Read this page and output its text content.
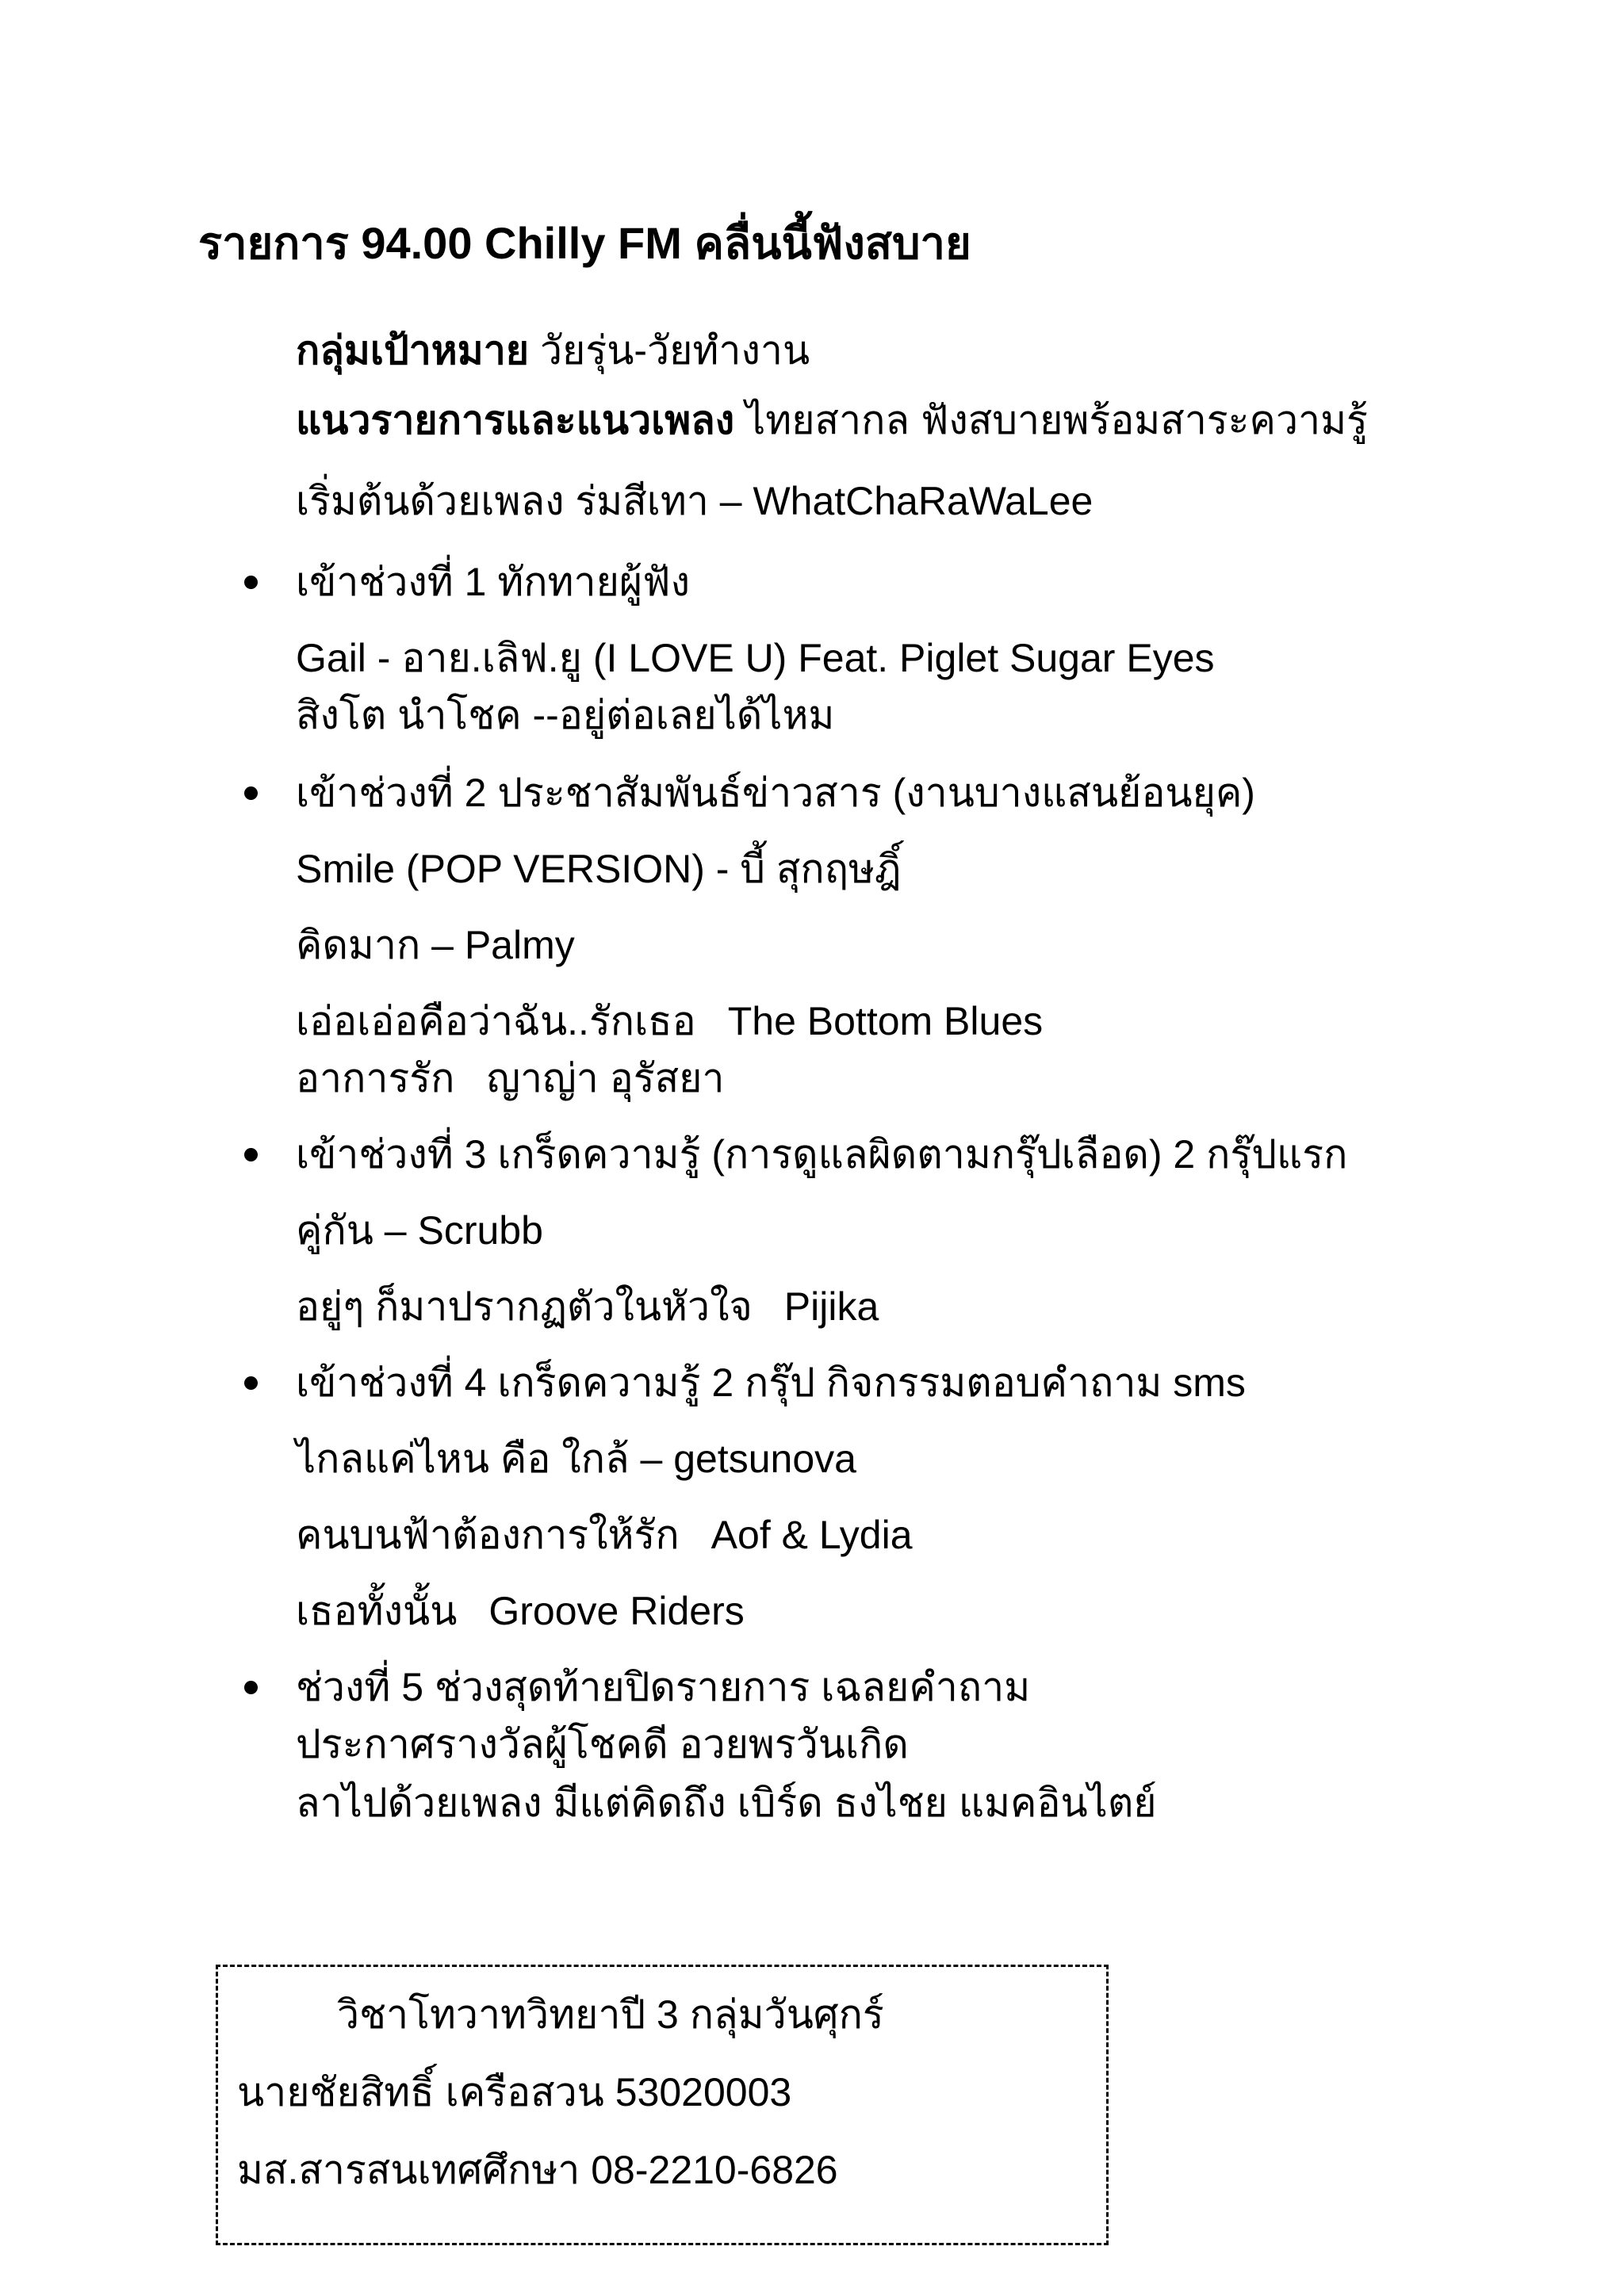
รายการ 94.00 Chilly FM คลื่นนี้ฟังสบาย
กลุ่มเป้าหมาย วัยรุ่น-วัยทำงาน
แนวรายการและแนวเพลง ไทยสากล ฟังสบายพร้อมสาระความรู้
เริ่มต้นด้วยเพลง ร่มสีเทา – WhatChaRaWaLee
เข้าช่วงที่ 1 ทักทายผู้ฟัง
Gail - อาย.เลิฟ.ยู (I LOVE U) Feat. Piglet Sugar Eyes
สิงโต นำโชค --อยู่ต่อเลยได้ไหม
เข้าช่วงที่ 2 ประชาสัมพันธ์ข่าวสาร (งานบางแสนย้อนยุค)
Smile (POP VERSION) - บี้ สุกฤษฎิ์
คิดมาก – Palmy
เอ่อเอ่อคือว่าฉัน..รักเธอ The Bottom Blues
อาการรัก ญาญ่า อุรัสยา
เข้าช่วงที่ 3 เกร็ดความรู้ (การดูแลผิดตามกรุ๊ปเลือด) 2 กรุ๊ปแรก
คู่กัน – Scrubb
อยู่ๆ ก็มาปรากฏตัวในหัวใจ Pijika
เข้าช่วงที่ 4 เกร็ดความรู้ 2 กรุ๊ป กิจกรรมตอบคำถาม sms
ไกลแค่ไหน คือ ใกล้ – getsunova
คนบนฟ้าต้องการให้รัก Aof & Lydia
เธอทั้งนั้น Groove Riders
ช่วงที่ 5 ช่วงสุดท้ายปิดรายการ เฉลยคำถาม
ประกาศรางวัลผู้โชคดี อวยพรวันเกิด
ลาไปด้วยเพลง มีแต่คิดถึง เบิร์ด ธงไชย แมคอินไตย์
วิชาโทวาทวิทยาปี 3 กลุ่มวันศุกร์
นายชัยสิทธิ์ เครือสวน 53020003
มส.สารสนเทศศึกษา 08-2210-6826
